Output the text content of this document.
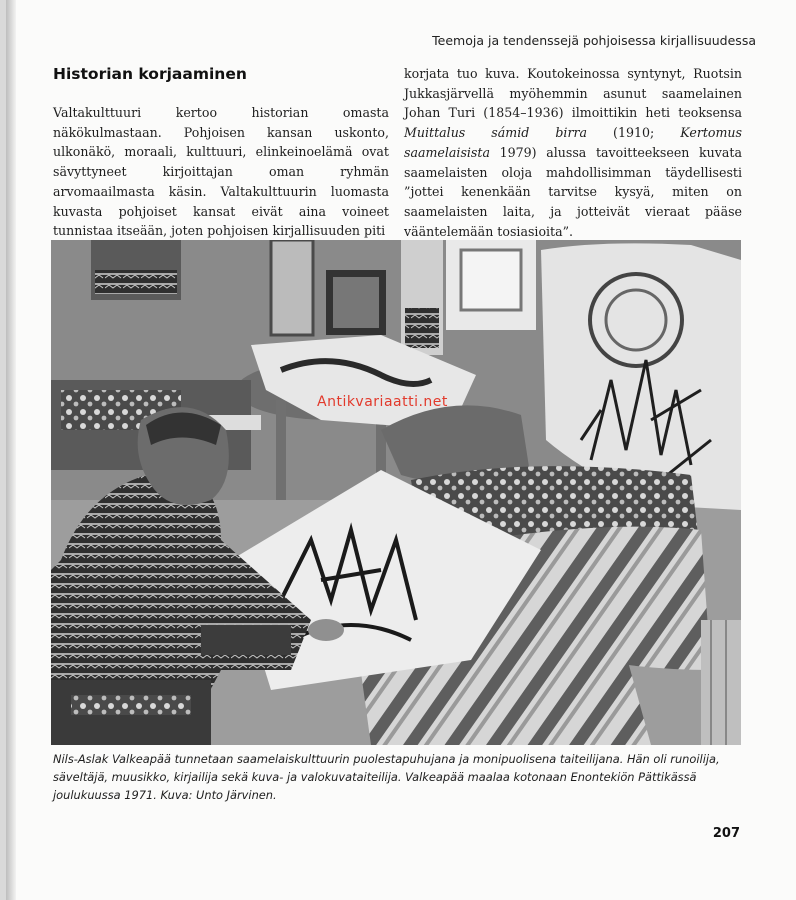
Teemoja ja tendenssejä pohjoisessa kirjallisuudessa
Historian korjaaminen

Valtakulttuuri kertoo historian omasta näkökulmastaan. Pohjoisen kansan uskonto, ulkonäkö, moraali, kulttuuri, elinkeinoelämä ovat sävyttyneet kirjoittajan oman ryhmän arvomaailmasta käsin. Valtakulttuurin luomasta kuvasta pohjoiset kansat eivät aina voineet tunnistaa itseään, joten pohjoisen kirjallisuuden piti

korjata tuo kuva. Koutokeinossa syntynyt, Ruotsin Jukkasjärvellä myöhemmin asunut saamelainen Johan Turi (1854–1936) ilmoittikin heti teoksensa Muittalus sámid birra (1910; Kertomus saamelaisista 1979) alussa tavoitteekseen kuvata saamelaisten oloja mahdollisimman täydellisesti ”jottei kenenkään tarvitse kysyä, miten on saamelaisten laita, ja jotteivät vieraat pääse vääntelemään tosiasioita”.

Antikvariaatti.net
Nils-Aslak Valkeapää tunnetaan saamelaiskulttuurin puolestapuhujana ja monipuolisena taiteilijana. Hän oli runoilija, säveltäjä, muusikko, kirjailija sekä kuva- ja valokuvataiteilija. Valkeapää maalaa kotonaan Enontekiön Pättikässä joulukuussa 1971. Kuva: Unto Järvinen.
207
